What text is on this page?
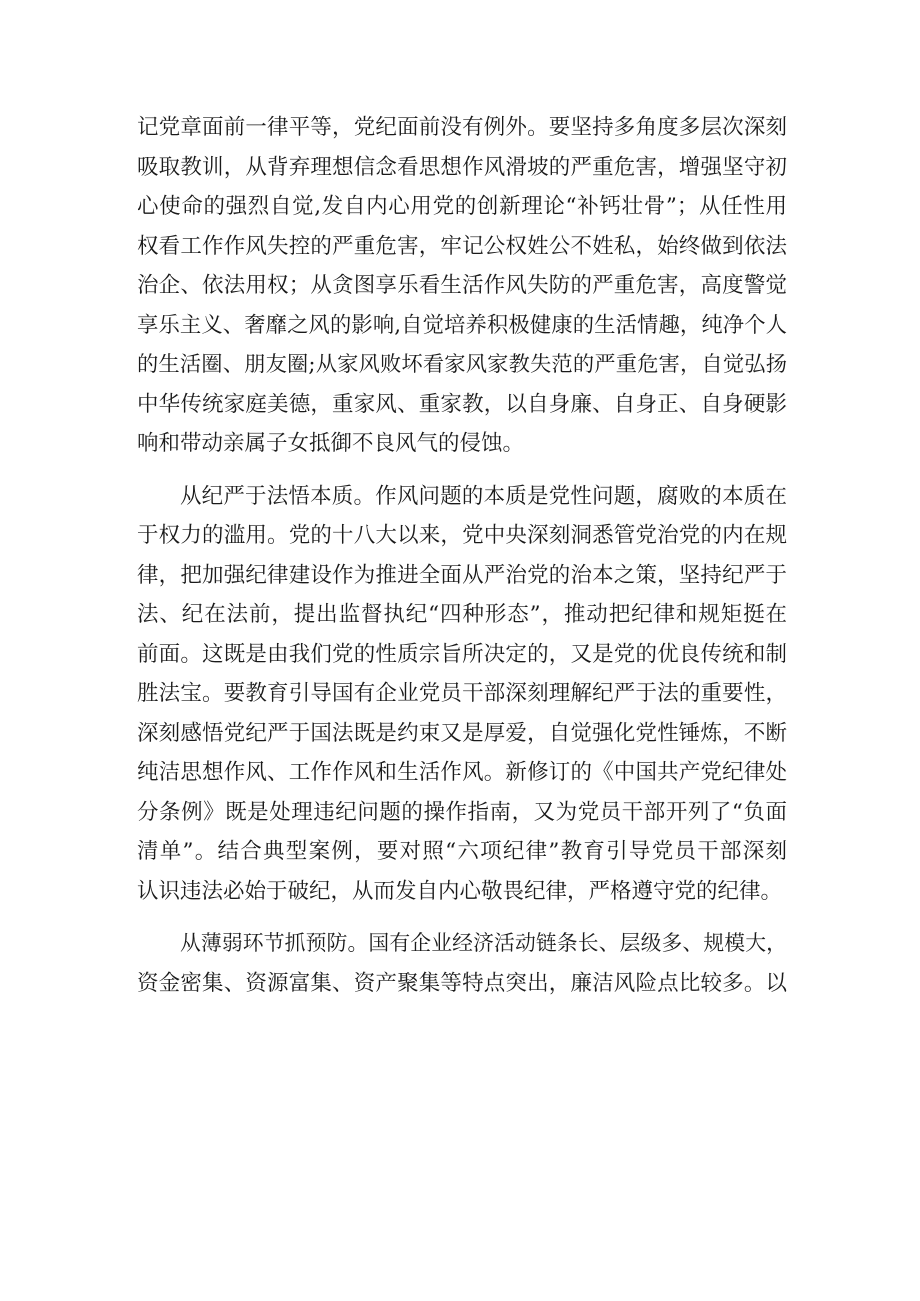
记党章面前一律平等，党纪面前没有例外。要坚持多角度多层次深刻
吸取教训，从背弃理想信念看思想作风滑坡的严重危害，增强坚守初
心使命的强烈自觉,发自内心用党的创新理论“补钙壮骨”；从任性用
权看工作作风失控的严重危害，牢记公权姓公不姓私，始终做到依法
治企、依法用权；从贪图享乐看生活作风失防的严重危害，高度警觉
享乐主义、奢靡之风的影响,自觉培养积极健康的生活情趣，纯净个人
的生活圈、朋友圈;从家风败坏看家风家教失范的严重危害，自觉弘扬
中华传统家庭美德，重家风、重家教，以自身廉、自身正、自身硬影
响和带动亲属子女抵御不良风气的侵蚀。
从纪严于法悟本质。作风问题的本质是党性问题，腐败的本质在
于权力的滥用。党的十八大以来，党中央深刻洞悉管党治党的内在规
律，把加强纪律建设作为推进全面从严治党的治本之策，坚持纪严于
法、纪在法前，提出监督执纪“四种形态”，推动把纪律和规矩挺在
前面。这既是由我们党的性质宗旨所决定的，又是党的优良传统和制
胜法宝。要教育引导国有企业党员干部深刻理解纪严于法的重要性，
深刻感悟党纪严于国法既是约束又是厚爱，自觉强化党性锤炼，不断
纯洁思想作风、工作作风和生活作风。新修订的《中国共产党纪律处
分条例》既是处理违纪问题的操作指南，又为党员干部开列了“负面
清单”。结合典型案例，要对照“六项纪律”教育引导党员干部深刻
认识违法必始于破纪，从而发自内心敬畏纪律，严格遵守党的纪律。
从薄弱环节抓预防。国有企业经济活动链条长、层级多、规模大，
资金密集、资源富集、资产聚集等特点突出，廉洁风险点比较多。以
